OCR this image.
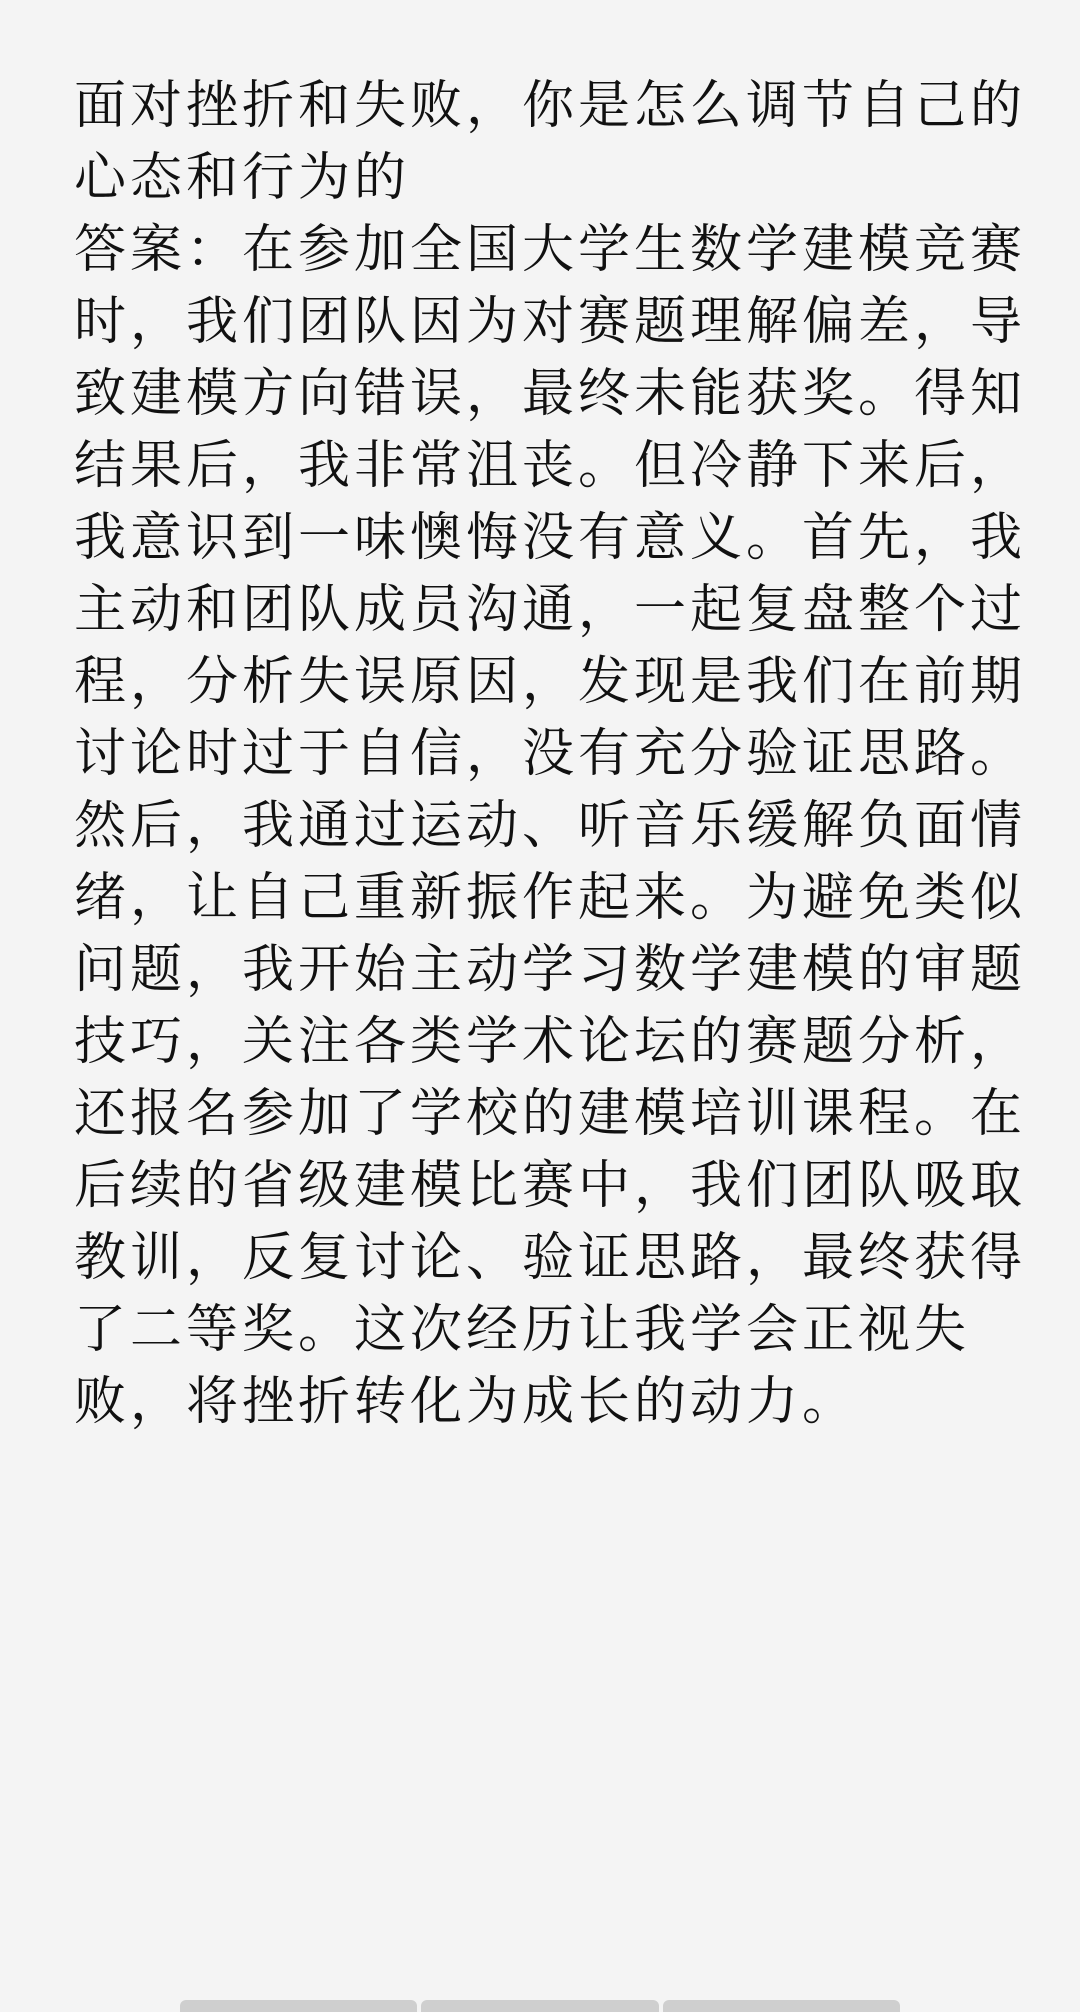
面对挫折和失败，你是怎么调节自己的
心态和行为的
答案：在参加全国大学生数学建模竞赛
时，我们团队因为对赛题理解偏差，导
致建模方向错误，最终未能获奖。得知
结果后，我非常沮丧。但冷静下来后，
我意识到一味懊悔没有意义。首先，我
主动和团队成员沟通，一起复盘整个过
程，分析失误原因，发现是我们在前期
讨论时过于自信，没有充分验证思路。
然后，我通过运动、听音乐缓解负面情
绪，让自己重新振作起来。为避免类似
问题，我开始主动学习数学建模的审题
技巧，关注各类学术论坛的赛题分析，
还报名参加了学校的建模培训课程。在
后续的省级建模比赛中，我们团队吸取
教训，反复讨论、验证思路，最终获得
了二等奖。这次经历让我学会正视失
败，将挫折转化为成长的动力。
